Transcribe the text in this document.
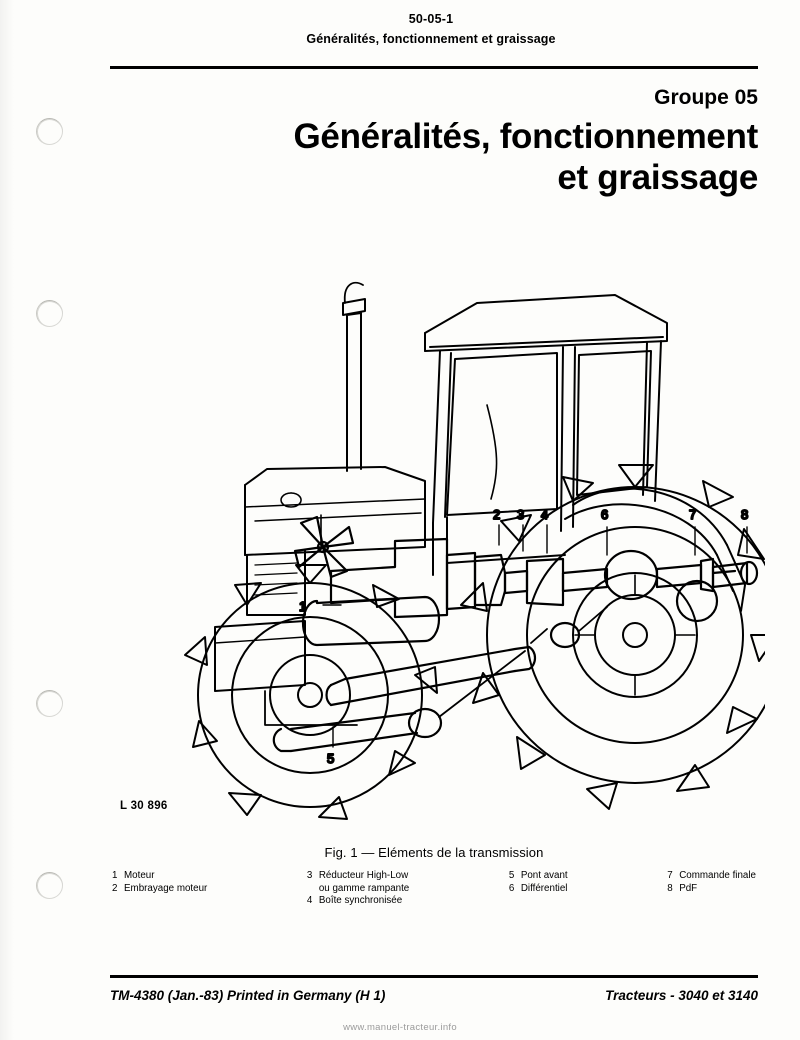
50-05-1
Généralités, fonctionnement et graissage
Groupe 05
Généralités, fonctionnement
et graissage
1
2 3 4
5
6	7	8
L 30 896
Fig. 1 — Eléments de la transmission
1 Moteur
2 Embrayage moteur
3 Réducteur High-Low
ou gamme rampante
4 Boîte synchronisée
5 Pont avant
6 Différentiel
7 Commande finale
8 PdF
TM-4380 (Jan.-83) Printed in Germany (H 1)	Tracteurs - 3040 et 3140
www.manuel-tracteur.info
